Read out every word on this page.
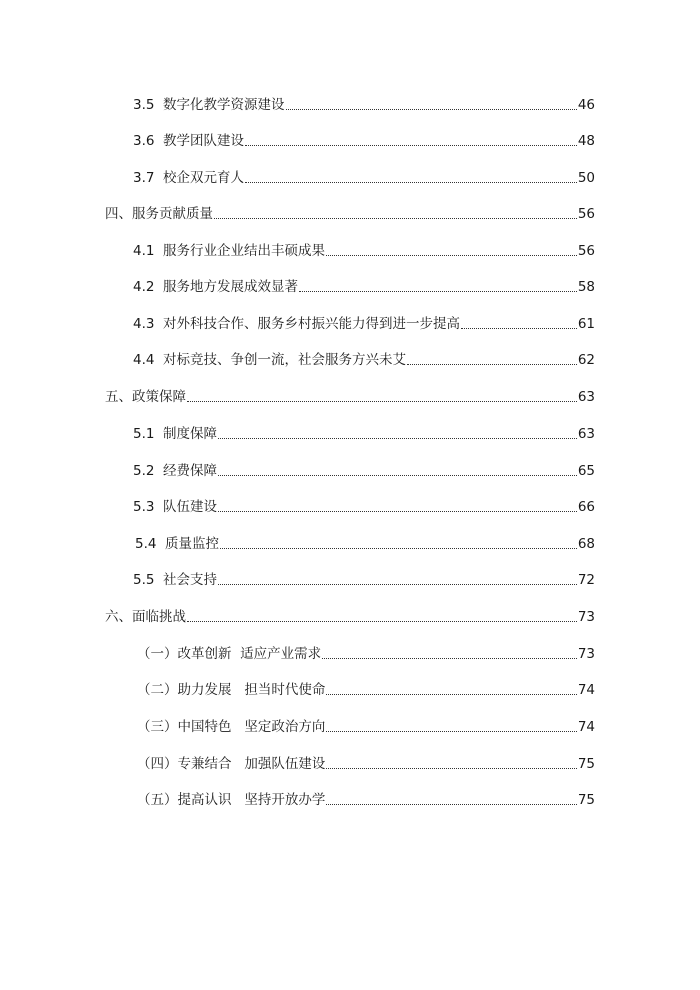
3.5  数字化教学资源建设	46
3.6  教学团队建设	48
3.7  校企双元育人	50
四、服务贡献质量	56
4.1  服务行业企业结出丰硕成果	56
4.2  服务地方发展成效显著	58
4.3  对外科技合作、服务乡村振兴能力得到进一步提高	61
4.4  对标竞技、争创一流，社会服务方兴未艾	62
五、政策保障	63
5.1  制度保障	63
5.2  经费保障	65
5.3  队伍建设	66
5.4  质量监控	68
5.5  社会支持	72
六、面临挑战	73
（一）改革创新  适应产业需求	73
（二）助力发展   担当时代使命	74
（三）中国特色   坚定政治方向	74
（四）专兼结合   加强队伍建设	75
（五）提高认识   坚持开放办学	75
